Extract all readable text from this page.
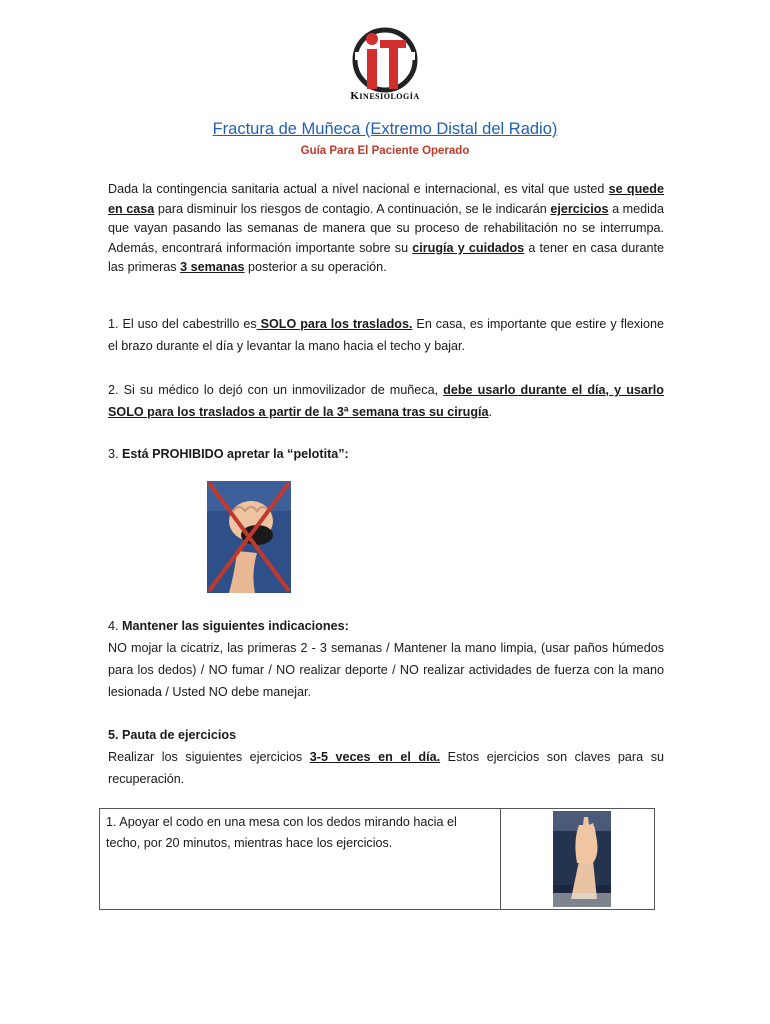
Kinesiología
Fractura de Muñeca (Extremo Distal del Radio)
Guía Para El Paciente Operado

Dada la contingencia sanitaria actual a nivel nacional e internacional, es vital que usted se quede en casa para disminuir los riesgos de contagio. A continuación, se le indicarán ejercicios a medida que vayan pasando las semanas de manera que su proceso de rehabilitación no se interrumpa. Además, encontrará información importante sobre su cirugía y cuidados a tener en casa durante las primeras 3 semanas posterior a su operación.

1. El uso del cabestrillo es SOLO para los traslados. En casa, es importante que estire y flexione el brazo durante el día y levantar la mano hacia el techo y bajar.

2. Si su médico lo dejó con un inmovilizador de muñeca, debe usarlo durante el día, y usarlo SOLO para los traslados a partir de la 3ª semana tras su cirugía.

3. Está PROHIBIDO apretar la “pelotita”:

4. Mantener las siguientes indicaciones:
NO mojar la cicatriz, las primeras 2 - 3 semanas / Mantener la mano limpia, (usar paños húmedos para los dedos) / NO fumar / NO realizar deporte / NO realizar actividades de fuerza con la mano lesionada / Usted NO debe manejar.

5. Pauta de ejercicios
Realizar los siguientes ejercicios 3-5 veces en el día. Estos ejercicios son claves para su recuperación.

1. Apoyar el codo en una mesa con los dedos mirando hacia el techo, por 20 minutos, mientras hace los ejercicios.
